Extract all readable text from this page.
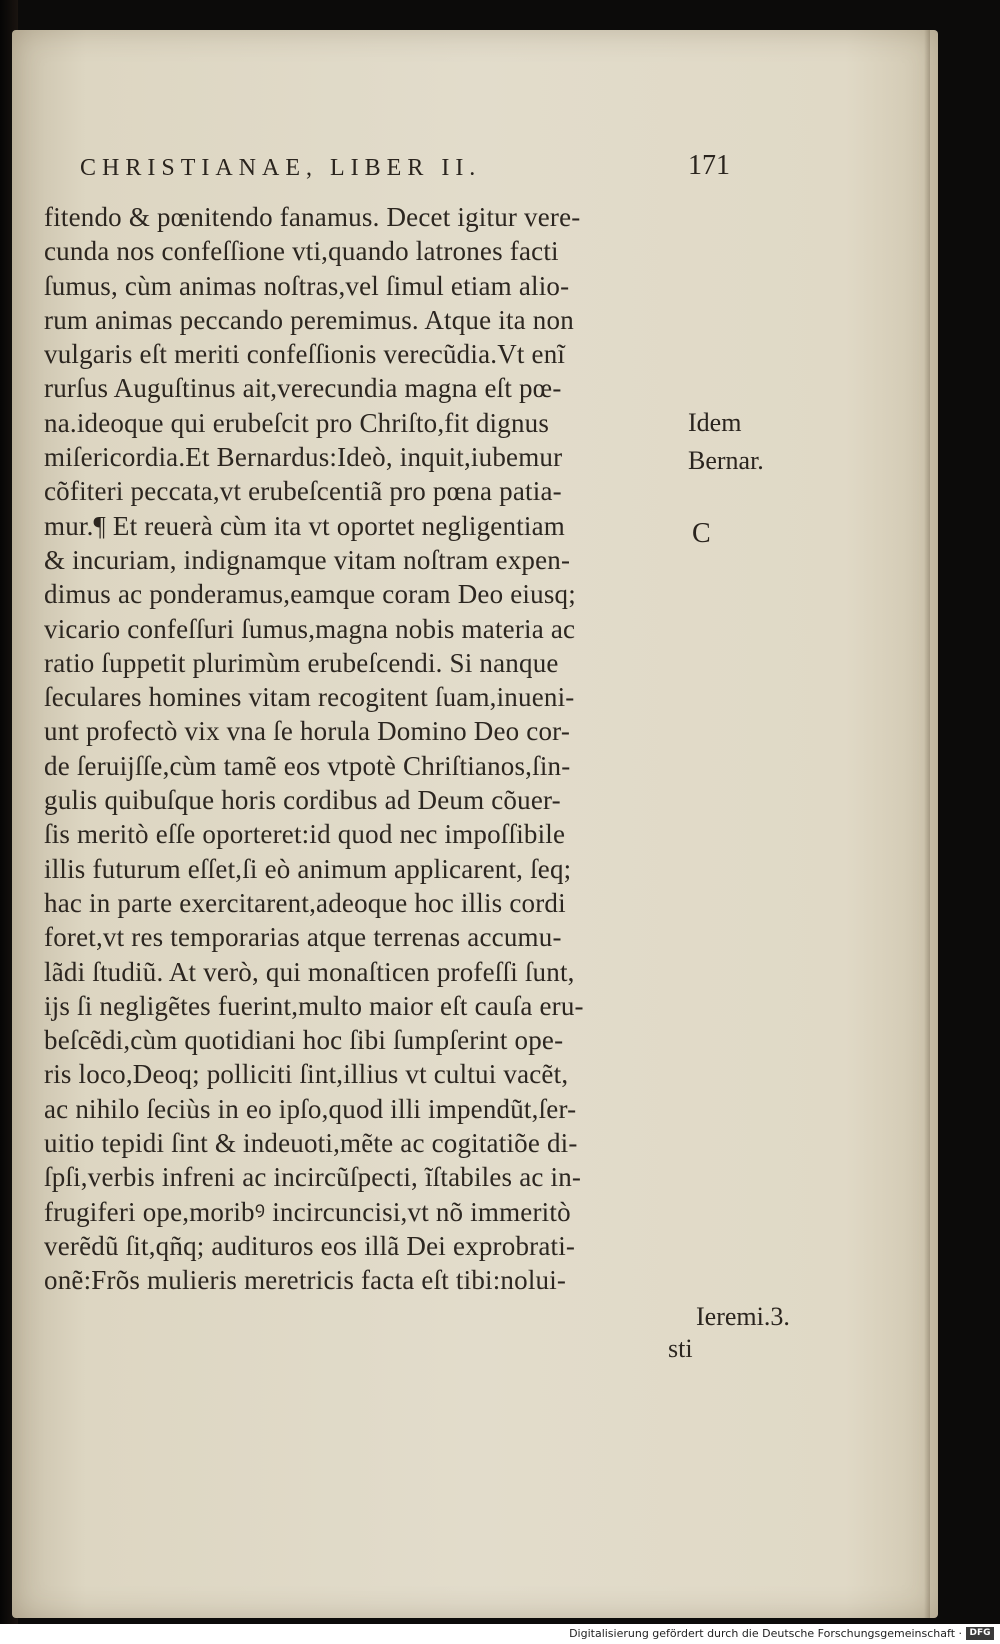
CHRISTIANAE, LIBER II.	171
fitendo & pœnitendo fanamus. Decet igitur vere-
cunda nos confeſſione vti,quando latrones facti
ſumus, cùm animas noſtras,vel ſimul etiam alio-
rum animas peccando peremimus. Atque ita non
vulgaris eſt meriti confeſſionis verecũdia.Vt enĩ
rurſus Auguſtinus ait,verecundia magna eſt pœ-
na.ideoque qui erubeſcit pro Chriſto,fit dignus
miſericordia.Et Bernardus:Ideò, inquit,iubemur
cõfiteri peccata,vt erubeſcentiã pro pœna patia-
mur.¶ Et reuerà cùm ita vt oportet negligentiam
& incuriam, indignamque vitam noſtram expen-
dimus ac ponderamus,eamque coram Deo eiusq;
vicario confeſſuri ſumus,magna nobis materia ac
ratio ſuppetit plurimùm erubeſcendi. Si nanque
ſeculares homines vitam recogitent ſuam,inueni-
unt profectò vix vna ſe horula Domino Deo cor-
de ſeruijſſe,cùm tamẽ eos vtpotè Chriſtianos,ſin-
gulis quibuſque horis cordibus ad Deum cõuer-
ſis meritò eſſe oporteret:id quod nec impoſſibile
illis futurum eſſet,ſi eò animum applicarent, ſeq;
hac in parte exercitarent,adeoque hoc illis cordi
foret,vt res temporarias atque terrenas accumu-
lãdi ſtudiũ. At verò, qui monaſticen profeſſi ſunt,
ijs ſi negligẽtes fuerint,multo maior eſt cauſa eru-
beſcẽdi,cùm quotidiani hoc ſibi ſumpſerint ope-
ris loco,Deoq; polliciti ſint,illius vt cultui vacẽt,
ac nihilo ſeciùs in eo ipſo,quod illi impendũt,ſer-
uitio tepidi ſint & indeuoti,mẽte ac cogitatiõe di-
ſpſi,verbis infreni ac incircũſpecti, ĩſtabiles ac in-
frugiferi ope,moribꝰ incircuncisi,vt nõ immeritò
verẽdũ ſit,qñq; audituros eos illã Dei exprobrati-
onẽ:Frõs mulieris meretricis facta eſt tibi:nolui-
Idem
Bernar.
C
Ieremi.3.
sti
Digitalisierung gefördert durch die Deutsche Forschungsgemeinschaft · DFG
